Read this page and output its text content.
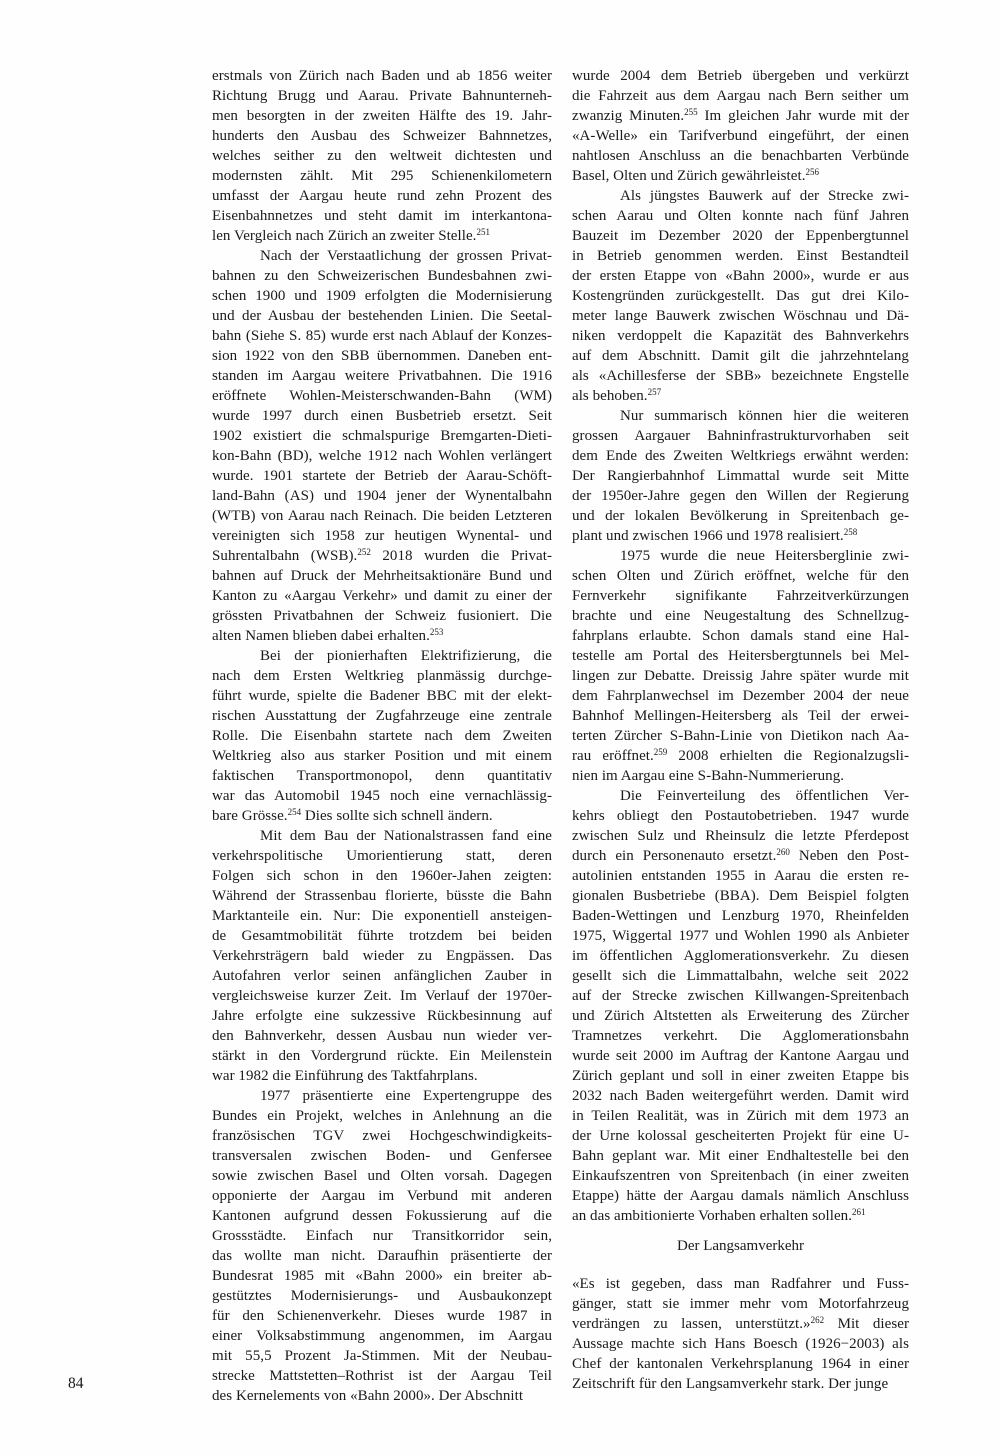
84
erstmals von Zürich nach Baden und ab 1856 weiter
Richtung Brugg und Aarau. Private Bahnunterneh-
men besorgten in der zweiten Hälfte des 19. Jahr-
hunderts den Ausbau des Schweizer Bahnnetzes,
welches seither zu den weltweit dichtesten und
modernsten zählt. Mit 295 Schienenkilometern
umfasst der Aargau heute rund zehn Prozent des
Eisenbahnnetzes und steht damit im interkantona-
len Vergleich nach Zürich an zweiter Stelle.$^{251}$
Nach der Verstaatlichung der grossen Privat-
bahnen zu den Schweizerischen Bundesbahnen zwi-
schen 1900 und 1909 erfolgten die Modernisierung
und der Ausbau der bestehenden Linien. Die Seetal-
bahn (Siehe S. 85) wurde erst nach Ablauf der Konzes-
sion 1922 von den SBB übernommen. Daneben ent-
standen im Aargau weitere Privatbahnen. Die 1916
eröffnete Wohlen-Meisterschwanden-Bahn (WM)
wurde 1997 durch einen Busbetrieb ersetzt. Seit
1902 existiert die schmalspurige Bremgarten-Dieti-
kon-Bahn (BD), welche 1912 nach Wohlen verlängert
wurde. 1901 startete der Betrieb der Aarau-Schöft-
land-Bahn (AS) und 1904 jener der Wynentalbahn
(WTB) von Aarau nach Reinach. Die beiden Letzteren
vereinigten sich 1958 zur heutigen Wynental- und
Suhrentalbahn (WSB).$^{252}$ 2018 wurden die Privat-
bahnen auf Druck der Mehrheitsaktionäre Bund und
Kanton zu «Aargau Verkehr» und damit zu einer der
grössten Privatbahnen der Schweiz fusioniert. Die
alten Namen blieben dabei erhalten.$^{253}$
Bei der pionierhaften Elektrifizierung, die
nach dem Ersten Weltkrieg planmässig durchge-
führt wurde, spielte die Badener BBC mit der elekt-
rischen Ausstattung der Zugfahrzeuge eine zentrale
Rolle. Die Eisenbahn startete nach dem Zweiten
Weltkrieg also aus starker Position und mit einem
faktischen Transportmonopol, denn quantitativ
war das Automobil 1945 noch eine vernachlässig-
bare Grösse.$^{254}$ Dies sollte sich schnell ändern.
Mit dem Bau der Nationalstrassen fand eine
verkehrspolitische Umorientierung statt, deren
Folgen sich schon in den 1960er-Jahen zeigten:
Während der Strassenbau florierte, büsste die Bahn
Marktanteile ein. Nur: Die exponentiell ansteigen-
de Gesamtmobilität führte trotzdem bei beiden
Verkehrsträgern bald wieder zu Engpässen. Das
Autofahren verlor seinen anfänglichen Zauber in
vergleichsweise kurzer Zeit. Im Verlauf der 1970er-
Jahre erfolgte eine sukzessive Rückbesinnung auf
den Bahnverkehr, dessen Ausbau nun wieder ver-
stärkt in den Vordergrund rückte. Ein Meilenstein
war 1982 die Einführung des Taktfahrplans.
1977 präsentierte eine Expertengruppe des
Bundes ein Projekt, welches in Anlehnung an die
französischen TGV zwei Hochgeschwindigkeits-
transversalen zwischen Boden- und Genfersee
sowie zwischen Basel und Olten vorsah. Dagegen
opponierte der Aargau im Verbund mit anderen
Kantonen aufgrund dessen Fokussierung auf die
Grossstädte. Einfach nur Transitkorridor sein,
das wollte man nicht. Daraufhin präsentierte der
Bundesrat 1985 mit «Bahn 2000» ein breiter ab-
gestütztes Modernisierungs- und Ausbaukonzept
für den Schienenverkehr. Dieses wurde 1987 in
einer Volksabstimmung angenommen, im Aargau
mit 55,5 Prozent Ja-Stimmen. Mit der Neubau-
strecke Mattstetten–Rothrist ist der Aargau Teil
des Kernelements von «Bahn 2000». Der Abschnitt
wurde 2004 dem Betrieb übergeben und verkürzt
die Fahrzeit aus dem Aargau nach Bern seither um
zwanzig Minuten.$^{255}$ Im gleichen Jahr wurde mit der
«A-Welle» ein Tarifverbund eingeführt, der einen
nahtlosen Anschluss an die benachbarten Verbünde
Basel, Olten und Zürich gewährleistet.$^{256}$
Als jüngstes Bauwerk auf der Strecke zwi-
schen Aarau und Olten konnte nach fünf Jahren
Bauzeit im Dezember 2020 der Eppenbergtunnel
in Betrieb genommen werden. Einst Bestandteil
der ersten Etappe von «Bahn 2000», wurde er aus
Kostengründen zurückgestellt. Das gut drei Kilo-
meter lange Bauwerk zwischen Wöschnau und Dä-
niken verdoppelt die Kapazität des Bahnverkehrs
auf dem Abschnitt. Damit gilt die jahrzehntelang
als «Achillesferse der SBB» bezeichnete Engstelle
als behoben.$^{257}$
Nur summarisch können hier die weiteren
grossen Aargauer Bahninfrastrukturvorhaben seit
dem Ende des Zweiten Weltkriegs erwähnt werden:
Der Rangierbahnhof Limmattal wurde seit Mitte
der 1950er-Jahre gegen den Willen der Regierung
und der lokalen Bevölkerung in Spreitenbach ge-
plant und zwischen 1966 und 1978 realisiert.$^{258}$
1975 wurde die neue Heitersberglinie zwi-
schen Olten und Zürich eröffnet, welche für den
Fernverkehr signifikante Fahrzeitverkürzungen
brachte und eine Neugestaltung des Schnellzug-
fahrplans erlaubte. Schon damals stand eine Hal-
testelle am Portal des Heitersbergtunnels bei Mel-
lingen zur Debatte. Dreissig Jahre später wurde mit
dem Fahrplanwechsel im Dezember 2004 der neue
Bahnhof Mellingen-Heitersberg als Teil der erwei-
terten Zürcher S-Bahn-Linie von Dietikon nach Aa-
rau eröffnet.$^{259}$ 2008 erhielten die Regionalzugsli-
nien im Aargau eine S-Bahn-Nummerierung.
Die Feinverteilung des öffentlichen Ver-
kehrs obliegt den Postautobetrieben. 1947 wurde
zwischen Sulz und Rheinsulz die letzte Pferdepost
durch ein Personenauto ersetzt.$^{260}$ Neben den Post-
autolinien entstanden 1955 in Aarau die ersten re-
gionalen Busbetriebe (BBA). Dem Beispiel folgten
Baden-Wettingen und Lenzburg 1970, Rheinfelden
1975, Wiggertal 1977 und Wohlen 1990 als Anbieter
im öffentlichen Agglomerationsverkehr. Zu diesen
gesellt sich die Limmattalbahn, welche seit 2022
auf der Strecke zwischen Killwangen-Spreitenbach
und Zürich Altstetten als Erweiterung des Zürcher
Tramnetzes verkehrt. Die Agglomerationsbahn
wurde seit 2000 im Auftrag der Kantone Aargau und
Zürich geplant und soll in einer zweiten Etappe bis
2032 nach Baden weitergeführt werden. Damit wird
in Teilen Realität, was in Zürich mit dem 1973 an
der Urne kolossal gescheiterten Projekt für eine U-
Bahn geplant war. Mit einer Endhaltestelle bei den
Einkaufszentren von Spreitenbach (in einer zweiten
Etappe) hätte der Aargau damals nämlich Anschluss
an das ambitionierte Vorhaben erhalten sollen.$^{261}$
Der Langsamverkehr
«Es ist gegeben, dass man Radfahrer und Fuss-
gänger, statt sie immer mehr vom Motorfahrzeug
verdrängen zu lassen, unterstützt.»$^{262}$ Mit dieser
Aussage machte sich Hans Boesch (1926−2003) als
Chef der kantonalen Verkehrsplanung 1964 in einer
Zeitschrift für den Langsamverkehr stark. Der junge
